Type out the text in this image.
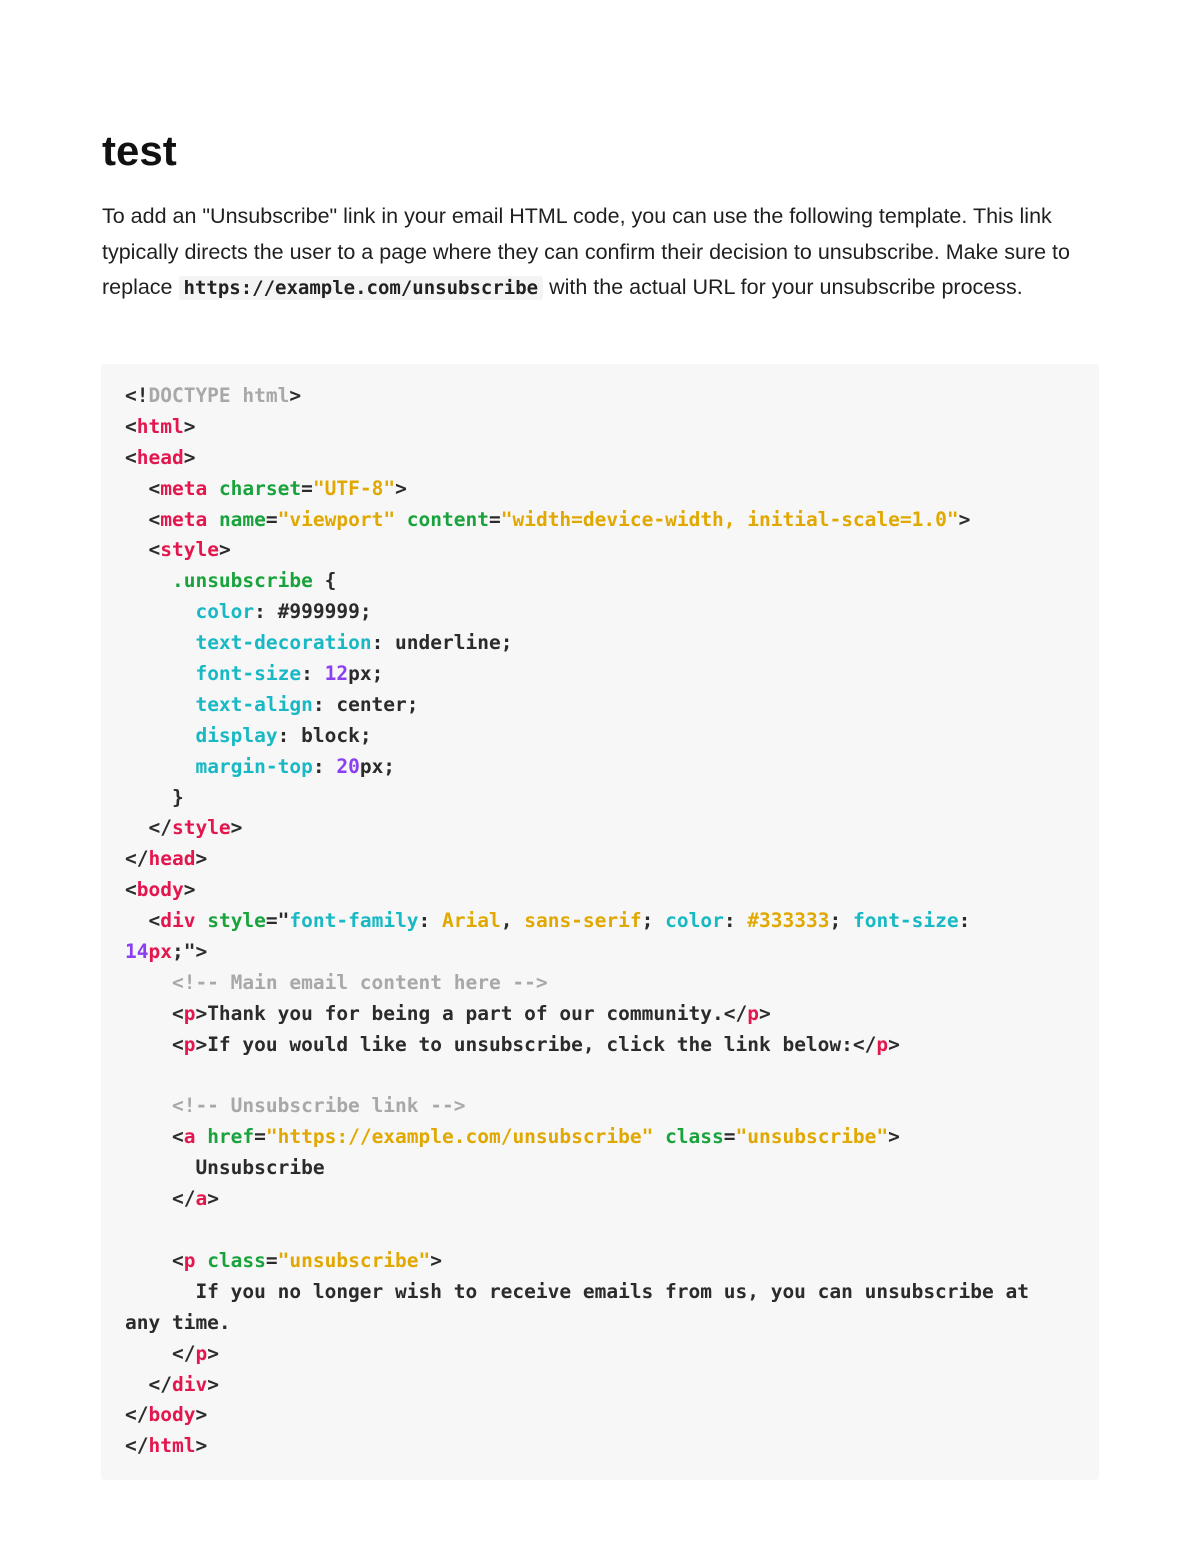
test

To add an "Unsubscribe" link in your email HTML code, you can use the following template. This link typically directs the user to a page where they can confirm their decision to unsubscribe. Make sure to replace https://example.com/unsubscribe with the actual URL for your unsubscribe process.

<!DOCTYPE html>
<html>
<head>
<meta charset="UTF-8">
<meta name="viewport" content="width=device-width, initial-scale=1.0">
<style>
.unsubscribe {
color: #999999;
text-decoration: underline;
font-size: 12px;
text-align: center;
display: block;
margin-top: 20px;
}
</style>
</head>
<body>
<div style="font-family: Arial, sans-serif; color: #333333; font-size:
14px;">
<!-- Main email content here -->
<p>Thank you for being a part of our community.</p>
<p>If you would like to unsubscribe, click the link below:</p>

<!-- Unsubscribe link -->
<a href="https://example.com/unsubscribe" class="unsubscribe">
Unsubscribe
</a>

<p class="unsubscribe">
If you no longer wish to receive emails from us, you can unsubscribe at
any time.
</p>
</div>
</body>
</html>
